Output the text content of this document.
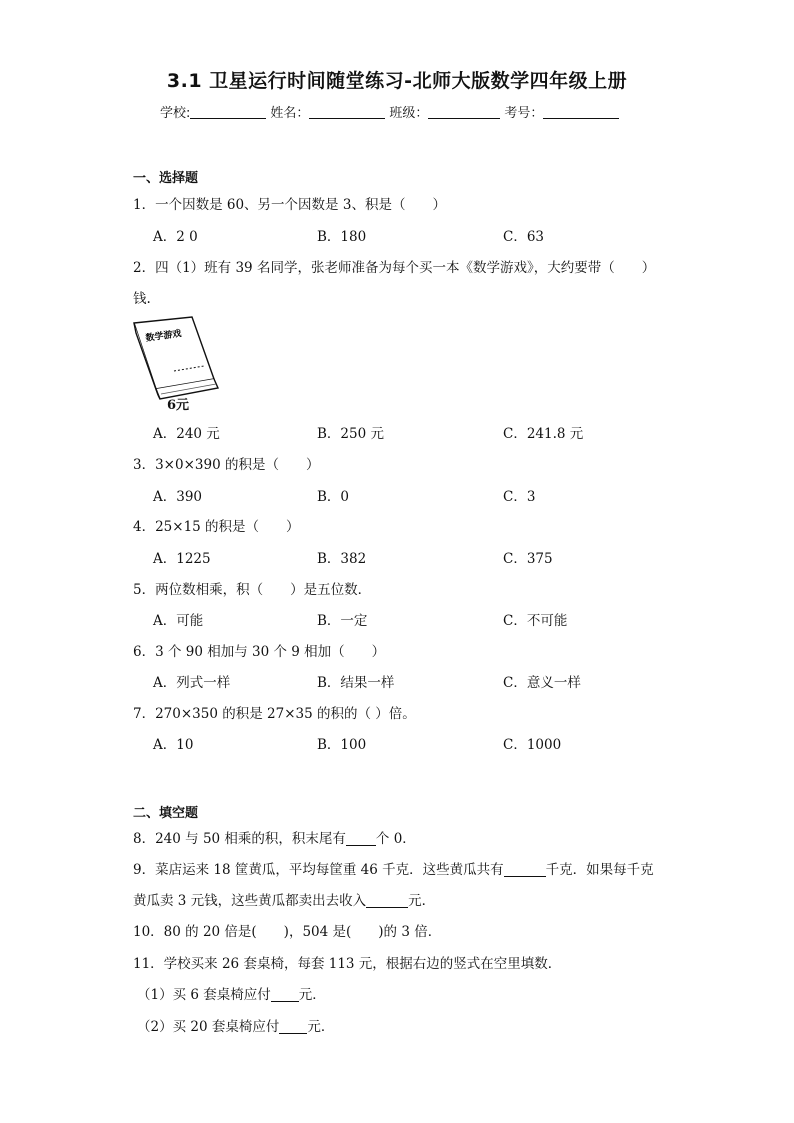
3.1 卫星运行时间随堂练习-北师大版数学四年级上册
学校:	姓名：	班级：	考号：
一、选择题
1．一个因数是 60、另一个因数是 3、积是（　　）
A．2 0	B．180	C．63
2．四（1）班有 39 名同学，张老师准备为每个买一本《数学游戏》，大约要带（　　）
钱.
数学游戏
6元
A．240 元	B．250 元	C．241.8 元
3．3×0×390 的积是（　　）
A．390	B．0	C．3
4．25×15 的积是（　　）
A．1225	B．382	C．375
5．两位数相乘，积（　　）是五位数．
A．可能	B．一定	C．不可能
6．3 个 90 相加与 30 个 9 相加（　　）
A．列式一样	B．结果一样	C．意义一样
7．270×350 的积是 27×35 的积的（ ）倍。
A．10	B．100	C．1000
二、填空题
8．240 与 50 相乘的积，积末尾有 个 0．
9．菜店运来 18 筐黄瓜，平均每筐重 46 千克．这些黄瓜共有	千克．如果每千克
黄瓜卖 3 元钱，这些黄瓜都卖出去收入	元．
10．80 的 20 倍是(　　)，504 是(　　)的 3 倍．
11．学校买来 26 套桌椅，每套 113 元，根据右边的竖式在空里填数．
（1）买 6 套桌椅应付 元．
（2）买 20 套桌椅应付 元．
